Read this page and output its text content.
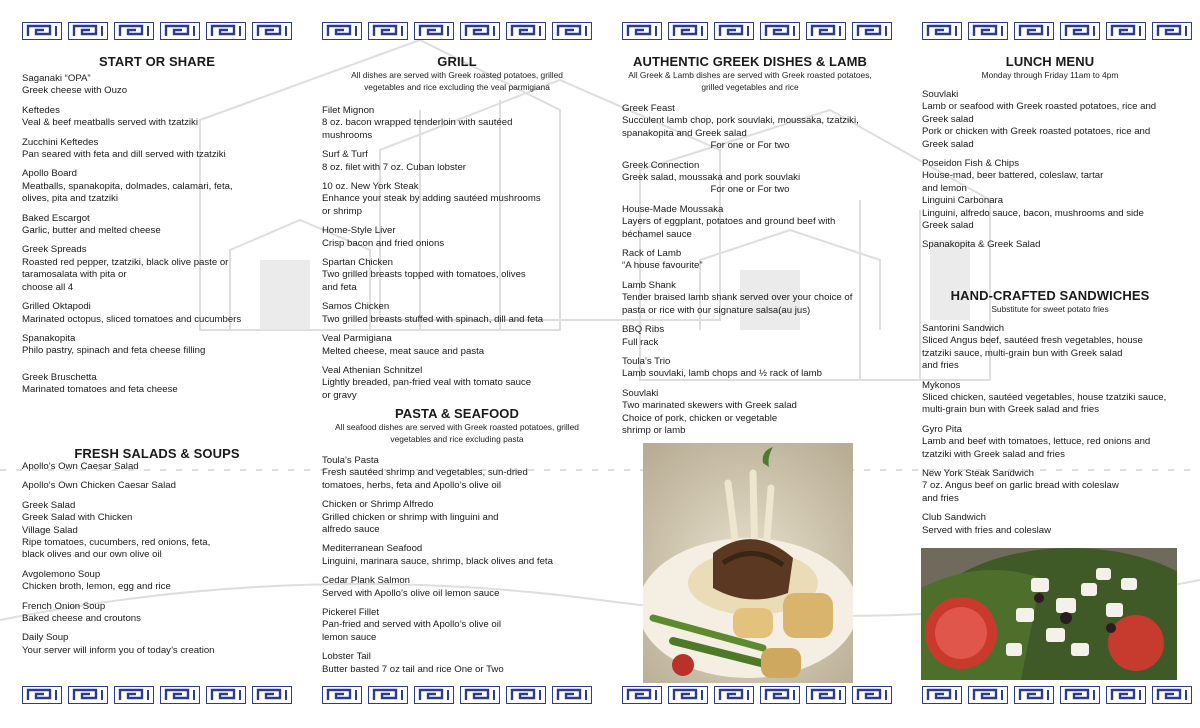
START OR SHARE
Saganaki “OPA”
Greek cheese with Ouzo
Keftedes
Veal & beef meatballs served with tzatziki
Zucchini Keftedes
Pan seared with feta and dill served with tzatziki
Apollo Board
Meatballs, spanakopita, dolmades, calamari, feta,
olives, pita and tzatziki
Baked Escargot
Garlic, butter and melted cheese
Greek Spreads
Roasted red pepper, tzatziki, black olive paste or
taramosalata with pita or
choose all 4
Grilled Oktapodi
Marinated octopus, sliced tomatoes and cucumbers
Spanakopita
Philo pastry, spinach and feta cheese filling
Greek Bruschetta
Marinated tomatoes and feta cheese
FRESH SALADS & SOUPS
Apollo’s Own Caesar Salad
Apollo’s Own Chicken Caesar Salad
Greek Salad
Greek Salad with Chicken
Village Salad
Ripe tomatoes, cucumbers, red onions, feta,
black olives and our own olive oil
Avgolemono Soup
Chicken broth, lemon, egg and rice
French Onion Soup
Baked cheese and croutons
Daily Soup
Your server will inform you of today’s creation
GRILL
All dishes are served with Greek roasted potatoes, grilled vegetables and rice excluding the veal parmigiana
Filet Mignon
8 oz. bacon wrapped tenderloin with sautéed
mushrooms
Surf & Turf
8 oz. filet with 7 oz. Cuban lobster
10 oz. New York Steak
Enhance your steak by adding sautéed mushrooms
or shrimp
Home-Style Liver
Crisp bacon and fried onions
Spartan Chicken
Two grilled breasts topped with tomatoes, olives
and feta
Samos Chicken
Two grilled breasts stuffed with spinach, dill and feta
Veal Parmigiana
Melted cheese, meat sauce and pasta
Veal Athenian Schnitzel
Lightly breaded, pan-fried veal with tomato sauce
or gravy
PASTA & SEAFOOD
All seafood dishes are served with Greek roasted potatoes, grilled vegetables and rice excluding pasta
Toula’s Pasta
Fresh sautéed shrimp and vegetables, sun-dried
tomatoes, herbs, feta and Apollo’s olive oil
Chicken or Shrimp Alfredo
Grilled chicken or shrimp with linguini and
alfredo sauce
Mediterranean Seafood
Linguini, marinara sauce, shrimp, black olives and feta
Cedar Plank Salmon
Served with Apollo’s olive oil lemon sauce
Pickerel Fillet
Pan-fried and served with Apollo’s olive oil
lemon sauce
Lobster Tail
Butter basted 7 oz tail and rice One or Two
AUTHENTIC GREEK DISHES & LAMB
All Greek & Lamb dishes are served with Greek roasted potatoes, grilled vegetables and rice
Greek Feast
Succulent lamb chop, pork souvlaki, moussaka, tzatziki,
spanakopita and Greek salad
For one or For two
Greek Connection
Greek salad, moussaka and pork souvlaki
For one or For two
House-Made Moussaka
Layers of eggplant, potatoes and ground beef with
béchamel sauce
Rack of Lamb
“A house favourite”
Lamb Shank
Tender braised lamb shank served over your choice of
pasta or rice with our signature salsa(au jus)
BBQ Ribs
Full rack
Toula’s Trio
Lamb souvlaki, lamb chops and ½ rack of lamb
Souvlaki
Two marinated skewers with Greek salad
Choice of pork, chicken or vegetable
shrimp or lamb
LUNCH MENU
Monday through Friday 11am to 4pm
Souvlaki
Lamb or seafood with Greek roasted potatoes, rice and
Greek salad
Pork or chicken with Greek roasted potatoes, rice and
Greek salad
Poseidon Fish & Chips
House-mad, beer battered, coleslaw, tartar
and lemon
Linguini Carbonara
Linguini, alfredo sauce, bacon, mushrooms and side
Greek salad
Spanakopita & Greek Salad
HAND-CRAFTED SANDWICHES
Substitute for sweet potato fries
Santorini Sandwich
Sliced Angus beef, sautéed fresh vegetables, house
tzatziki sauce, multi-grain bun with Greek salad
and fries
Mykonos
Sliced chicken, sautéed vegetables, house tzatziki sauce,
multi-grain bun with Greek salad and fries
Gyro Pita
Lamb and beef with tomatoes, lettuce, red onions and
tzatziki with Greek salad and fries
New York Steak Sandwich
7 oz. Angus beef on garlic bread with coleslaw
and fries
Club Sandwich
Served with fries and coleslaw
